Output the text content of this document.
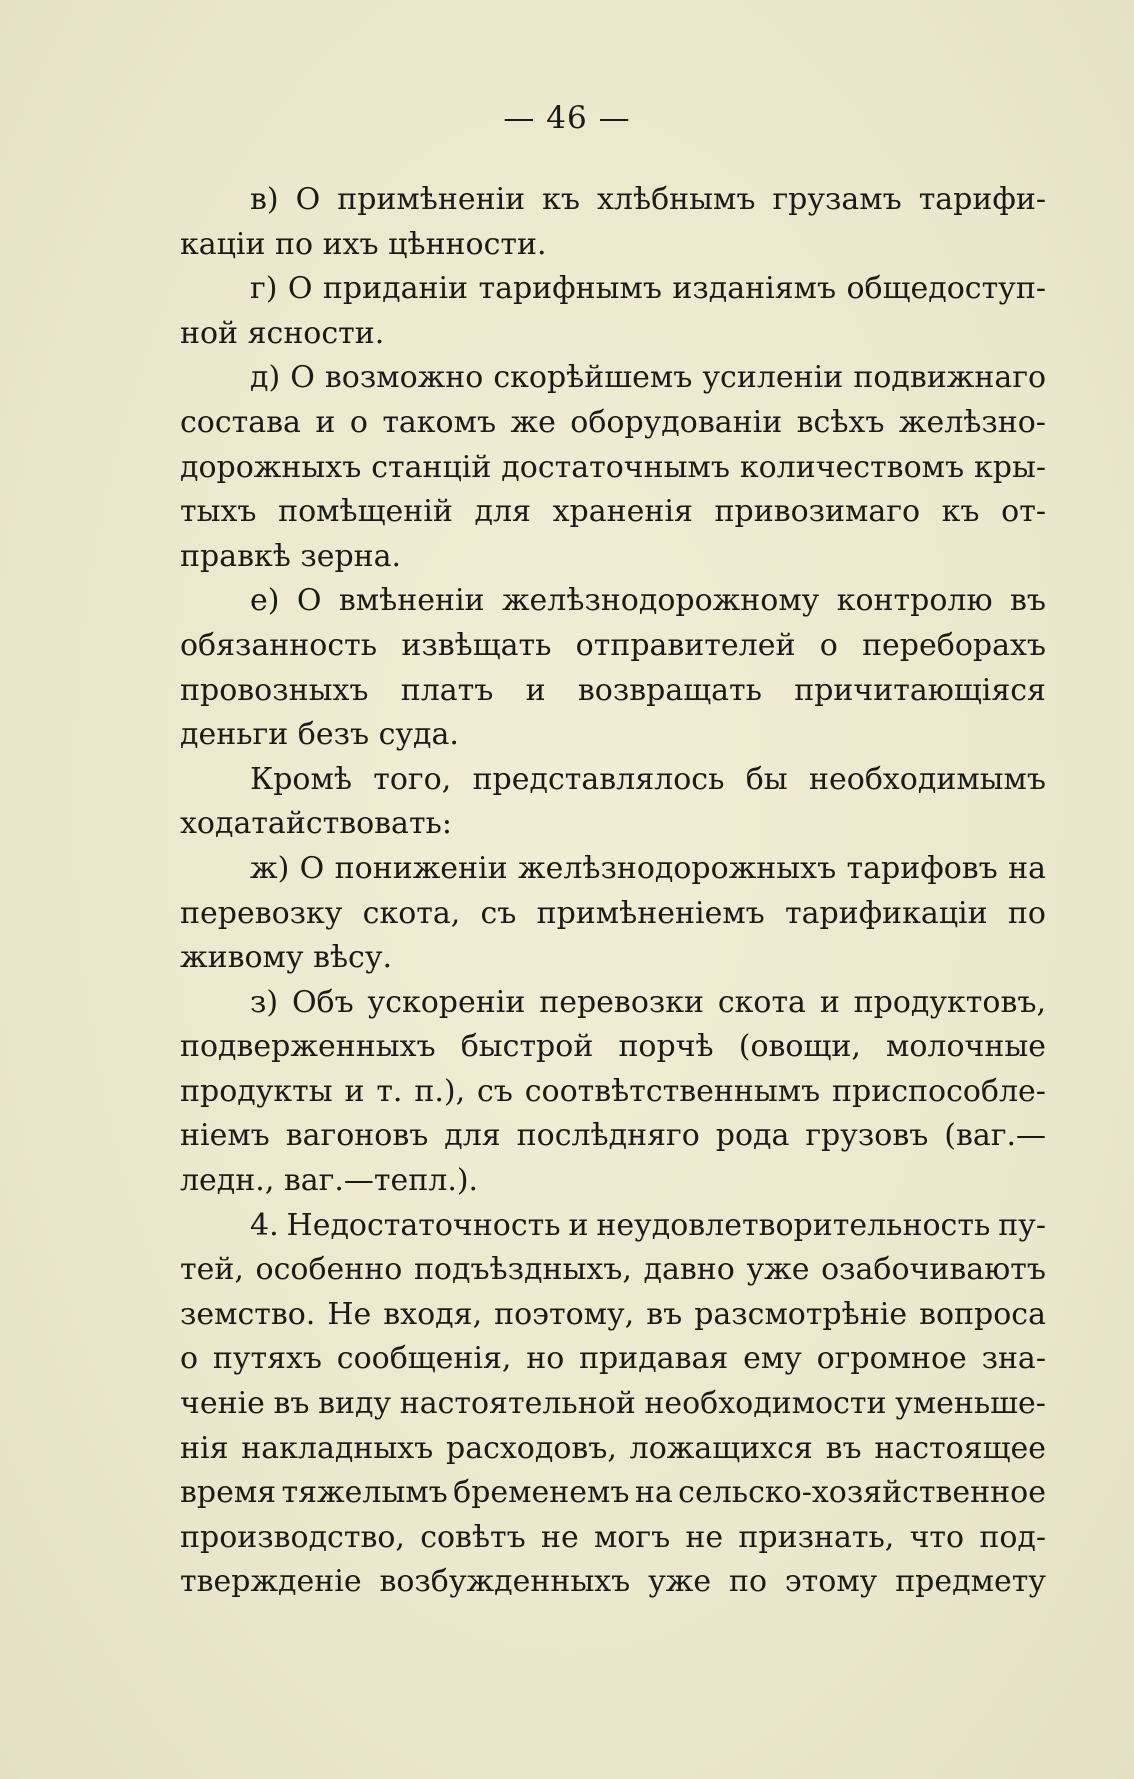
— 46 —
в) О примѣненіи къ хлѣбнымъ грузамъ тарифи-
каціи по ихъ цѣнности.
г) О приданіи тарифнымъ изданіямъ общедоступ-
ной ясности.
д) О возможно скорѣйшемъ усиленіи подвижнаго
состава и о такомъ же оборудованіи всѣхъ желѣзно-
дорожныхъ станцій достаточнымъ количествомъ кры-
тыхъ помѣщеній для храненія привозимаго къ от-
правкѣ зерна.
е) О вмѣненіи желѣзнодорожному контролю въ
обязанность извѣщать отправителей о переборахъ
провозныхъ платъ и возвращать причитающіяся
деньги безъ суда.
Кромѣ того, представлялось бы необходимымъ
ходатайствовать:
ж) О пониженіи желѣзнодорожныхъ тарифовъ на
перевозку скота, съ примѣненіемъ тарификаціи по
живому вѣсу.
з) Объ ускореніи перевозки скота и продуктовъ,
подверженныхъ быстрой порчѣ (овощи, молочные
продукты и т. п.), съ соотвѣтственнымъ приспособле-
ніемъ вагоновъ для послѣдняго рода грузовъ (ваг.—
ледн., ваг.—тепл.).
4. Недостаточность и неудовлетворительность пу-
тей, особенно подъѣздныхъ, давно уже озабочиваютъ
земство. Не входя, поэтому, въ разсмотрѣніе вопроса
о путяхъ сообщенія, но придавая ему огромное зна-
ченіе въ виду настоятельной необходимости уменьше-
нія накладныхъ расходовъ, ложащихся въ настоящее
время тяжелымъ бременемъ на сельско-хозяйственное
производство, совѣтъ не могъ не признать, что под-
твержденіе возбужденныхъ уже по этому предмету
